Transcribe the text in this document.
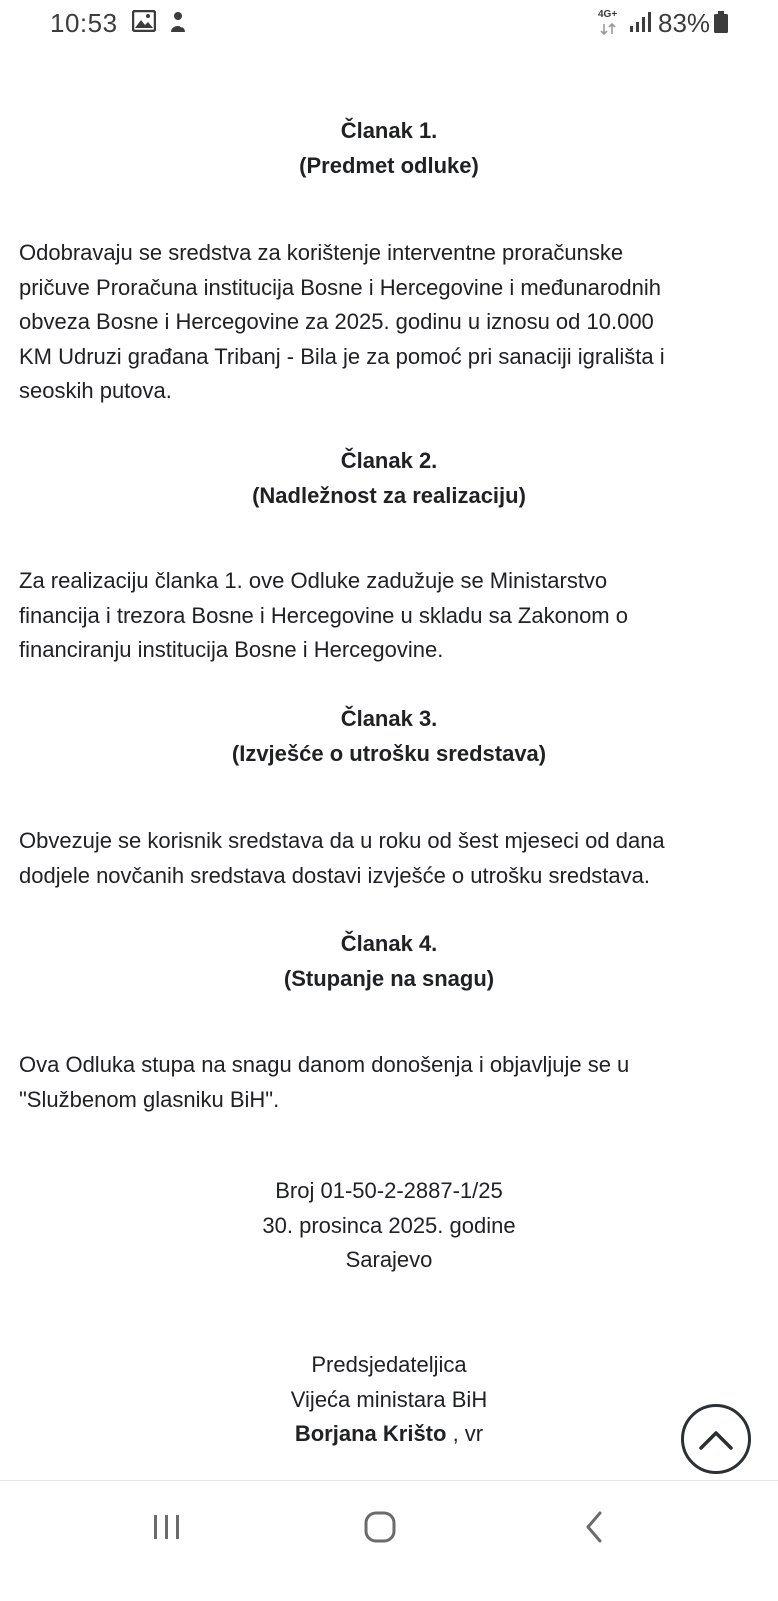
10:53	4G+ 83%
Članak 1.
(Predmet odluke)
Odobravaju se sredstva za korištenje interventne proračunske
pričuve Proračuna institucija Bosne i Hercegovine i međunarodnih
obveza Bosne i Hercegovine za 2025. godinu u iznosu od 10.000
KM Udruzi građana Tribanj - Bila je za pomoć pri sanaciji igrališta i
seoskih putova.
Članak 2.
(Nadležnost za realizaciju)
Za realizaciju članka 1. ove Odluke zadužuje se Ministarstvo
financija i trezora Bosne i Hercegovine u skladu sa Zakonom o
financiranju institucija Bosne i Hercegovine.
Članak 3.
(Izvješće o utrošku sredstava)
Obvezuje se korisnik sredstava da u roku od šest mjeseci od dana
dodjele novčanih sredstava dostavi izvješće o utrošku sredstava.
Članak 4.
(Stupanje na snagu)
Ova Odluka stupa na snagu danom donošenja i objavljuje se u
"Službenom glasniku BiH".
Broj 01-50-2-2887-1/25
30. prosinca 2025. godine
Sarajevo
Predsjedateljica
Vijeća ministara BiH
Borjana Krišto , vr
